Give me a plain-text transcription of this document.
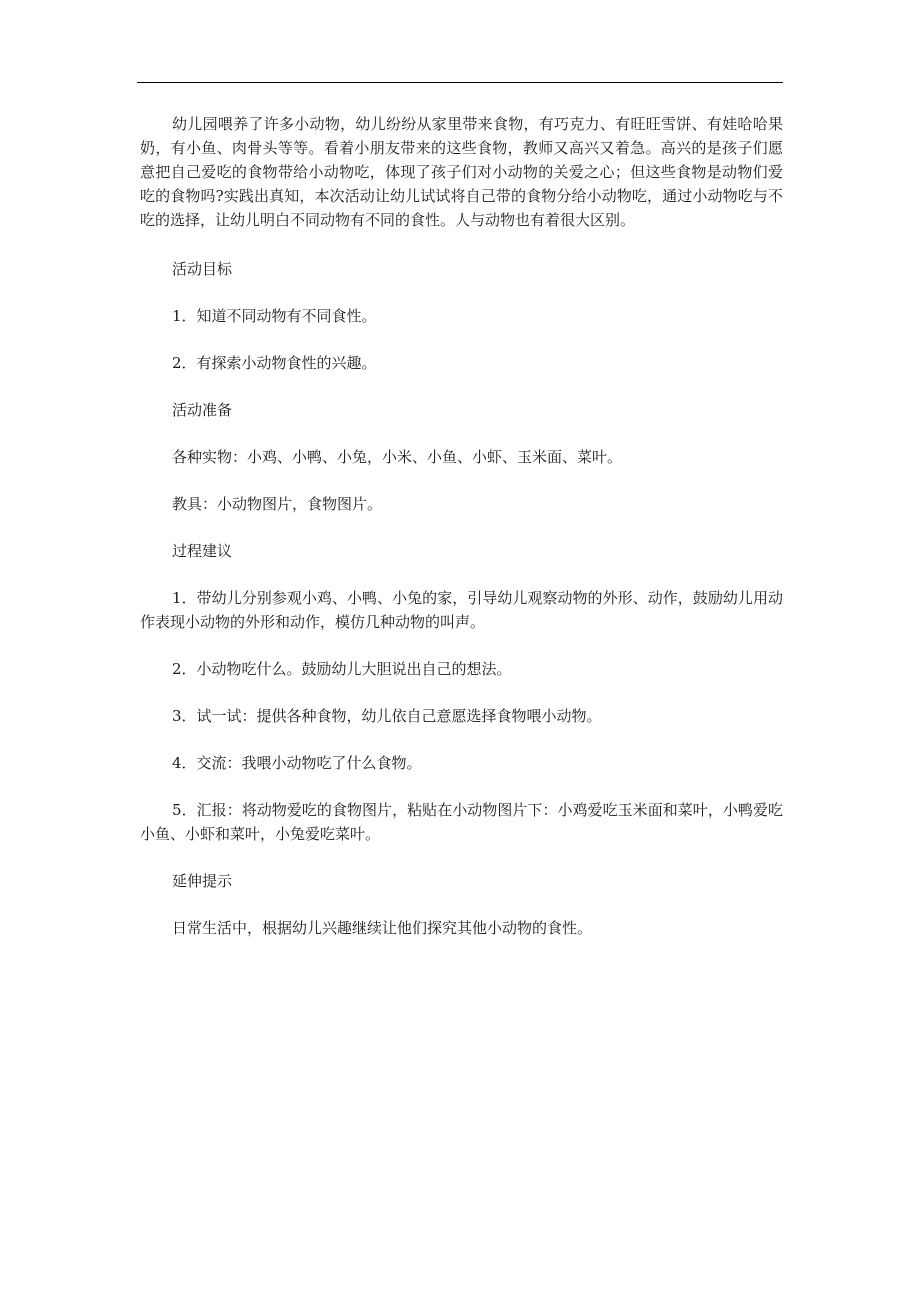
幼儿园喂养了许多小动物，幼儿纷纷从家里带来食物，有巧克力、有旺旺雪饼、有娃哈哈果奶，有小鱼、肉骨头等等。看着小朋友带来的这些食物，教师又高兴又着急。高兴的是孩子们愿意把自己爱吃的食物带给小动物吃，体现了孩子们对小动物的关爱之心；但这些食物是动物们爱吃的食物吗?实践出真知，本次活动让幼儿试试将自己带的食物分给小动物吃，通过小动物吃与不吃的选择，让幼儿明白不同动物有不同的食性。人与动物也有着很大区别。

活动目标

1．知道不同动物有不同食性。

2．有探索小动物食性的兴趣。

活动准备

各种实物：小鸡、小鸭、小兔，小米、小鱼、小虾、玉米面、菜叶。

教具：小动物图片，食物图片。

过程建议

1．带幼儿分别参观小鸡、小鸭、小兔的家，引导幼儿观察动物的外形、动作，鼓励幼儿用动作表现小动物的外形和动作，模仿几种动物的叫声。

2．小动物吃什么。鼓励幼儿大胆说出自己的想法。

3．试一试：提供各种食物，幼儿依自己意愿选择食物喂小动物。

4．交流：我喂小动物吃了什么食物。

5．汇报：将动物爱吃的食物图片，粘贴在小动物图片下：小鸡爱吃玉米面和菜叶，小鸭爱吃小鱼、小虾和菜叶，小兔爱吃菜叶。

延伸提示

日常生活中，根据幼儿兴趣继续让他们探究其他小动物的食性。
